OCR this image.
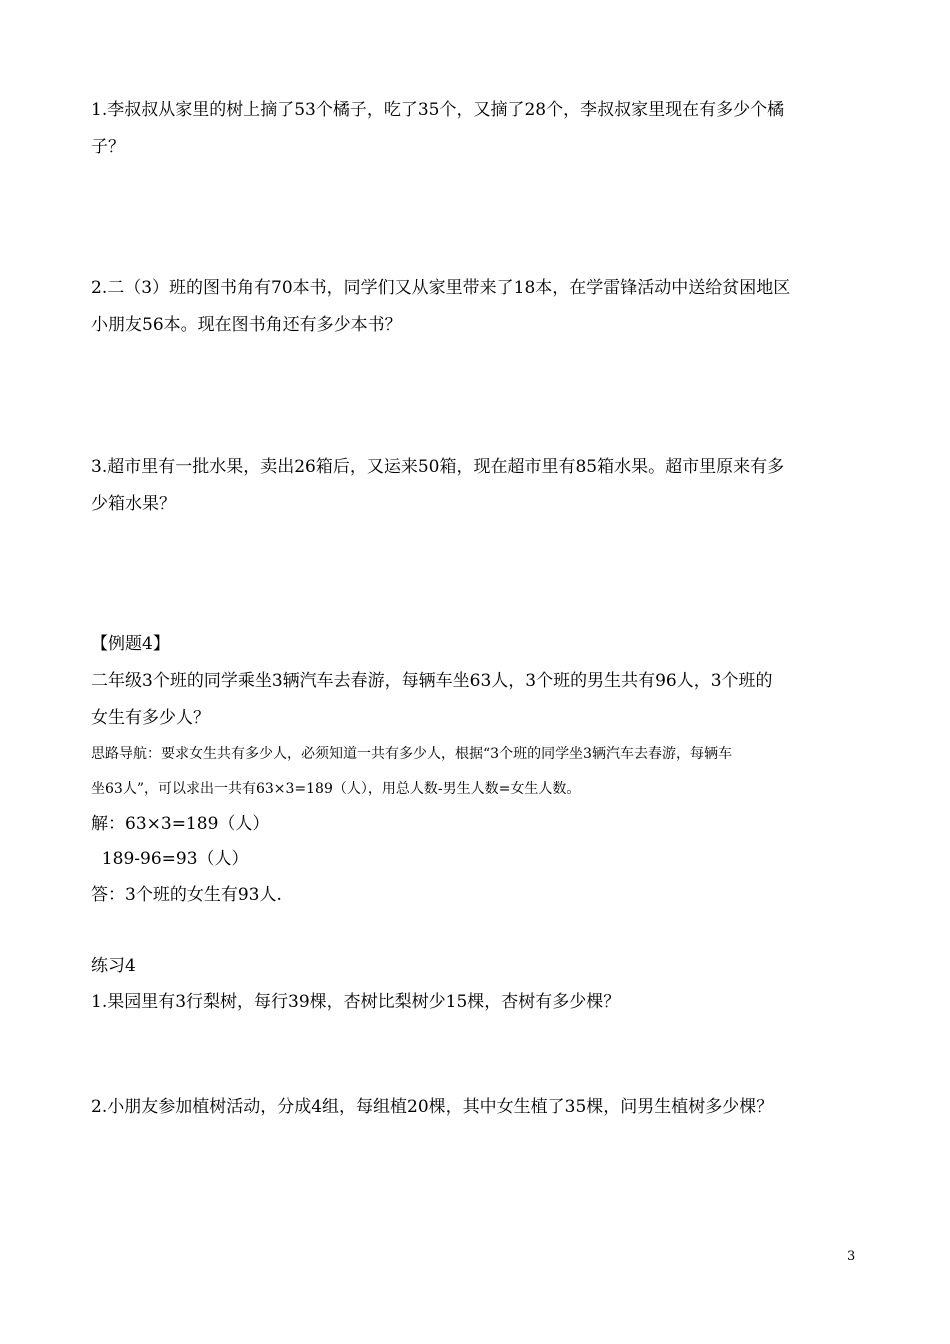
1.李叔叔从家里的树上摘了53个橘子，吃了35个，又摘了28个，李叔叔家里现在有多少个橘
子？
2.二（3）班的图书角有70本书，同学们又从家里带来了18本，在学雷锋活动中送给贫困地区
小朋友56本。现在图书角还有多少本书？
3.超市里有一批水果，卖出26箱后，又运来50箱，现在超市里有85箱水果。超市里原来有多
少箱水果？
【例题4】
二年级3个班的同学乘坐3辆汽车去春游，每辆车坐63人，3个班的男生共有96人，3个班的
女生有多少人？
思路导航：要求女生共有多少人，必须知道一共有多少人，根据“3个班的同学坐3辆汽车去春游，每辆车
坐63人”，可以求出一共有63×3=189（人），用总人数-男生人数=女生人数。
解：63×3=189（人）
189-96=93（人）
答：3个班的女生有93人.
练习4
1.果园里有3行梨树，每行39棵，杏树比梨树少15棵，杏树有多少棵？
2.小朋友参加植树活动，分成4组，每组植20棵，其中女生植了35棵，问男生植树多少棵？
3
